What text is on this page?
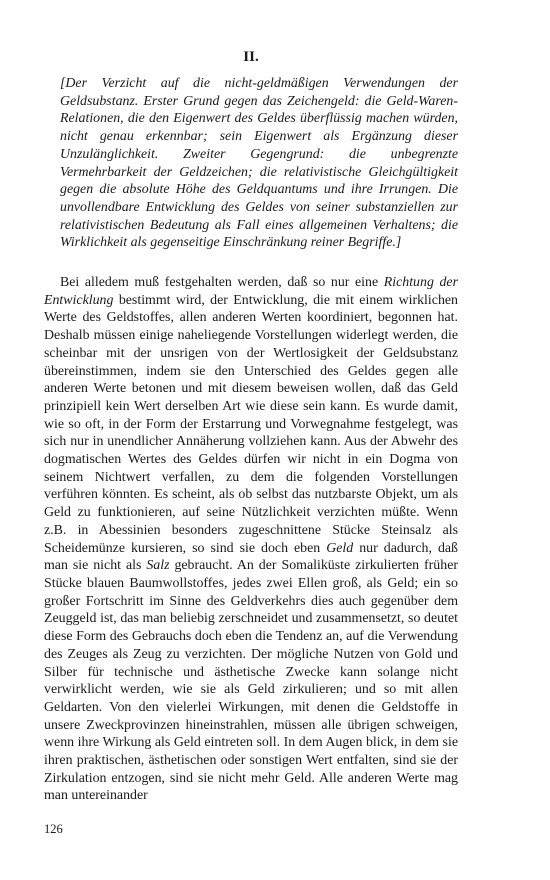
II.

[Der Verzicht auf die nicht-geldmäßigen Verwendungen der Geldsubstanz. Erster Grund gegen das Zeichengeld: die Geld-Waren-Relationen, die den Eigenwert des Geldes überflüssig machen würden, nicht genau erkennbar; sein Eigenwert als Ergänzung dieser Unzulänglichkeit. Zweiter Gegengrund: die unbegrenzte Vermehrbarkeit der Geldzeichen; die relativistische Gleichgültigkeit gegen die absolute Höhe des Geldquantums und ihre Irrungen. Die unvollendbare Entwicklung des Geldes von seiner substanziellen zur relativistischen Bedeutung als Fall eines allgemeinen Verhaltens; die Wirklichkeit als gegenseitige Einschränkung reiner Begriffe.]

Bei alledem muß festgehalten werden, daß so nur eine Richtung der Entwicklung bestimmt wird, der Entwicklung, die mit einem wirklichen Werte des Geldstoffes, allen anderen Werten koordiniert, begonnen hat. Deshalb müssen einige naheliegende Vorstellungen widerlegt werden, die scheinbar mit der unsrigen von der Wertlosigkeit der Geldsubstanz übereinstimmen, indem sie den Unterschied des Geldes gegen alle anderen Werte betonen und mit diesem beweisen wollen, daß das Geld prinzipiell kein Wert derselben Art wie diese sein kann. Es wurde damit, wie so oft, in der Form der Erstarrung und Vorwegnahme festgelegt, was sich nur in unendlicher Annäherung vollziehen kann. Aus der Abwehr des dogmatischen Wertes des Geldes dürfen wir nicht in ein Dogma von seinem Nichtwert verfallen, zu dem die folgenden Vorstellungen verführen könnten. Es scheint, als ob selbst das nutzbarste Objekt, um als Geld zu funktionieren, auf seine Nützlichkeit verzichten müßte. Wenn z.B. in Abessinien besonders zugeschnittene Stücke Steinsalz als Scheidemünze kursieren, so sind sie doch eben Geld nur dadurch, daß man sie nicht als Salz gebraucht. An der Somaliküste zirkulierten früher Stücke blauen Baumwollstoffes, jedes zwei Ellen groß, als Geld; ein so großer Fortschritt im Sinne des Geldverkehrs dies auch gegenüber dem Zeuggeld ist, das man beliebig zerschneidet und zusammensetzt, so deutet diese Form des Gebrauchs doch eben die Tendenz an, auf die Verwendung des Zeuges als Zeug zu verzichten. Der mögliche Nutzen von Gold und Silber für technische und ästhetische Zwecke kann solange nicht verwirklicht werden, wie sie als Geld zirkulieren; und so mit allen Geldarten. Von den vielerlei Wirkungen, mit denen die Geldstoffe in unsere Zweckprovinzen hineinstrahlen, müssen alle übrigen schweigen, wenn ihre Wirkung als Geld eintreten soll. In dem Augen blick, in dem sie ihren praktischen, ästhetischen oder sonstigen Wert entfalten, sind sie der Zirkulation entzogen, sind sie nicht mehr Geld. Alle anderen Werte mag man untereinander

126
